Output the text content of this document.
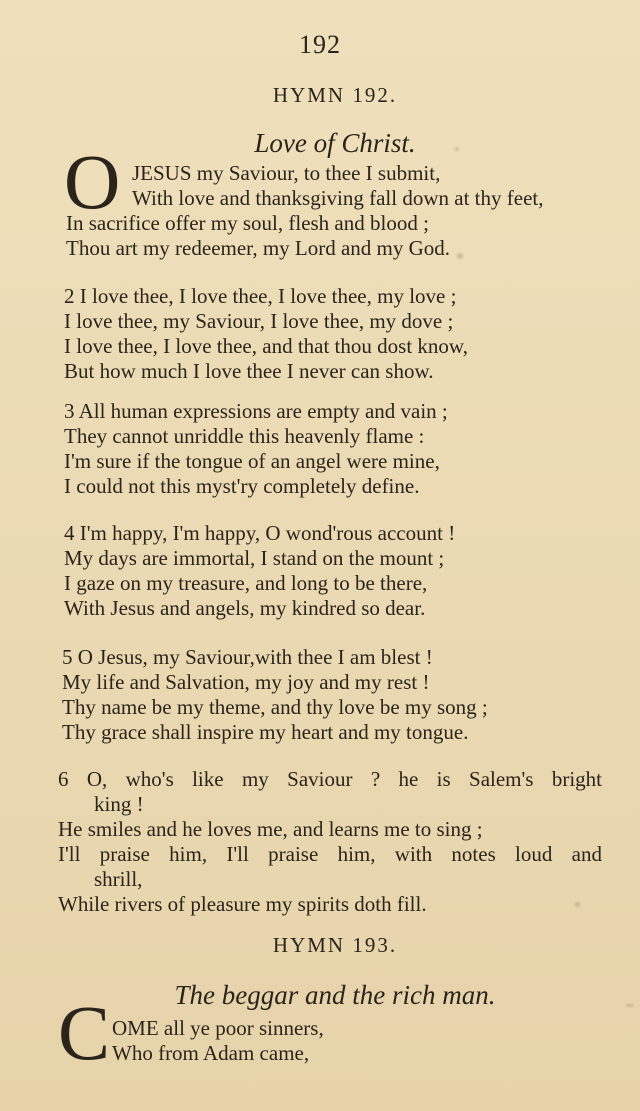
192
HYMN 192.
Love of Christ.
O JESUS my Saviour, to thee I submit,
With love and thanksgiving fall down at thy feet,
In sacrifice offer my soul, flesh and blood ;
Thou art my redeemer, my Lord and my God.
2 I love thee, I love thee, I love thee, my love ;
I love thee, my Saviour, I love thee, my dove ;
I love thee, I love thee, and that thou dost know,
But how much I love thee I never can show.
3 All human expressions are empty and vain ;
They cannot unriddle this heavenly flame :
I'm sure if the tongue of an angel were mine,
I could not this myst'ry completely define.
4 I'm happy, I'm happy, O wond'rous account !
My days are immortal, I stand on the mount ;
I gaze on my treasure, and long to be there,
With Jesus and angels, my kindred so dear.
5 O Jesus, my Saviour,with thee I am blest !
My life and Salvation, my joy and my rest !
Thy name be my theme, and thy love be my song ;
Thy grace shall inspire my heart and my tongue.
6 O, who's like my Saviour ? he is Salem's bright
king !
He smiles and he loves me, and learns me to sing ;
I'll praise him, I'll praise him, with notes loud and
shrill,
While rivers of pleasure my spirits doth fill.
HYMN 193.
The beggar and the rich man.
C OME all ye poor sinners,
Who from Adam came,
